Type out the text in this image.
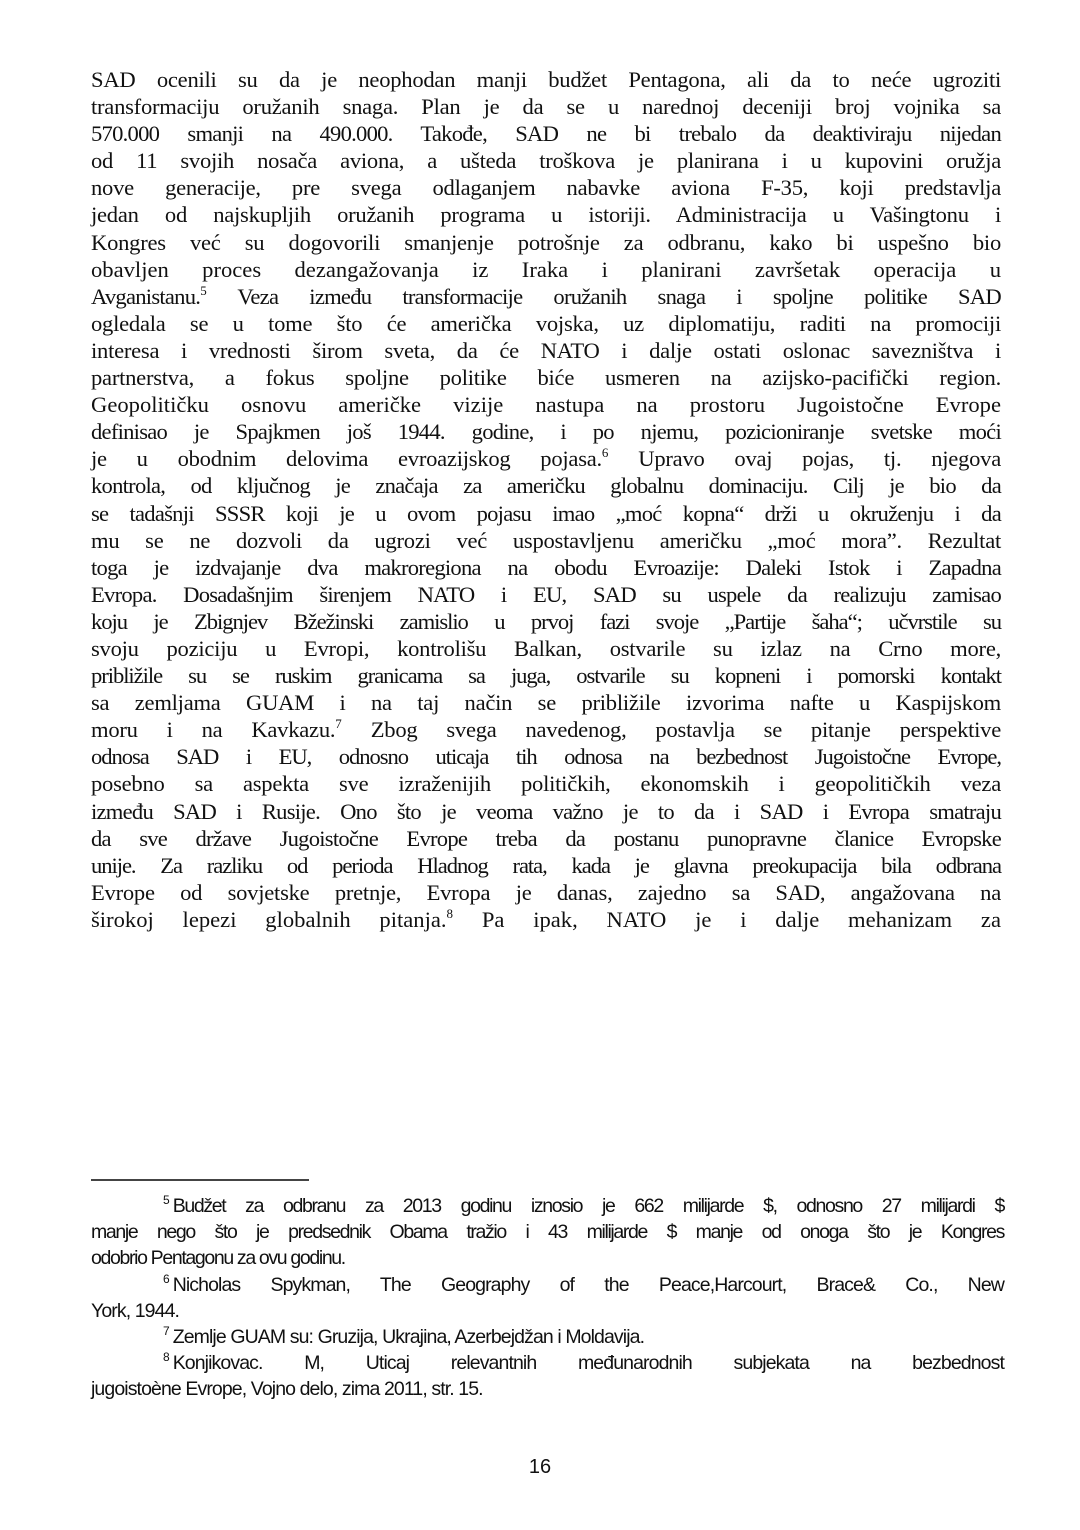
SAD ocenili su da je neophodan manji budžet Pentagona, ali da to neće ugroziti
transformaciju oružanih snaga. Plan je da se u narednoj deceniji broj vojnika sa
570.000 smanji na 490.000. Takođe, SAD ne bi trebalo da deaktiviraju nijedan
od 11 svojih nosača aviona, a ušteda troškova je planirana i u kupovini oružja
nove generacije, pre svega odlaganjem nabavke aviona F-35, koji predstavlja
jedan od najskupljih oružanih programa u istoriji. Administracija u Vašingtonu i
Kongres već su dogovorili smanjenje potrošnje za odbranu, kako bi uspešno bio
obavljen proces dezangažovanja iz Iraka i planirani završetak operacija u
Avganistanu.$^5$ Veza između transformacije oružanih snaga i spoljne politike SAD
ogledala se u tome što će američka vojska, uz diplomatiju, raditi na promociji
interesa i vrednosti širom sveta, da će NATO i dalje ostati oslonac savezništva i
partnerstva, a fokus spoljne politike biće usmeren na azijsko-pacifički region.
Geopolitičku osnovu američke vizije nastupa na prostoru Jugoistočne Evrope
definisao je Spajkmen još 1944. godine, i po njemu, pozicioniranje svetske moći
je u obodnim delovima evroazijskog pojasa.$^6$ Upravo ovaj pojas, tj. njegova
kontrola, od ključnog je značaja za američku globalnu dominaciju. Cilj je bio da
se tadašnji SSSR koji je u ovom pojasu imao „moć kopna“ drži u okruženju i da
mu se ne dozvoli da ugrozi već uspostavljenu američku „moć mora”. Rezultat
toga je izdvajanje dva makroregiona na obodu Evroazije: Daleki Istok i Zapadna
Evropa. Dosadašnjim širenjem NATO i EU, SAD su uspele da realizuju zamisao
koju je Zbignjev Bžežinski zamislio u prvoj fazi svoje „Partije šaha“; učvrstile su
svoju poziciju u Evropi, kontrolišu Balkan, ostvarile su izlaz na Crno more,
približile su se ruskim granicama sa juga, ostvarile su kopneni i pomorski kontakt
sa zemljama GUAM i na taj način se približile izvorima nafte u Kaspijskom
moru i na Kavkazu.$^7$ Zbog svega navedenog, postavlja se pitanje perspektive
odnosa SAD i EU, odnosno uticaja tih odnosa na bezbednost Jugoistočne Evrope,
posebno sa aspekta sve izraženijih političkih, ekonomskih i geopolitičkih veza
između SAD i Rusije. Ono što je veoma važno je to da i SAD i Evropa smatraju
da sve države Jugoistočne Evrope treba da postanu punopravne članice Evropske
unije. Za razliku od perioda Hladnog rata, kada je glavna preokupacija bila odbrana
Evrope od sovjetske pretnje, Evropa je danas, zajedno sa SAD, angažovana na
širokoj lepezi globalnih pitanja.$^8$ Pa ipak, NATO je i dalje mehanizam za
$^5$ Budžet za odbranu za 2013 godinu iznosio je 662 milijarde $, odnosno 27 milijardi $
manje nego što je predsednik Obama tražio i 43 milijarde $ manje od onoga što je Kongres
odobrio Pentagonu za ovu godinu.
$^6$ Nicholas Spykman, The Geography of the Peace,Harcourt, Brace& Co., New
York, 1944.
$^7$ Zemlje GUAM su: Gruzija, Ukrajina, Azerbejdžan i Moldavija.
$^8$ Konjikovac. M, Uticaj relevantnih međunarodnih subjekata na bezbednost
jugoistoène Evrope, Vojno delo, zima 2011, str. 15.
16
